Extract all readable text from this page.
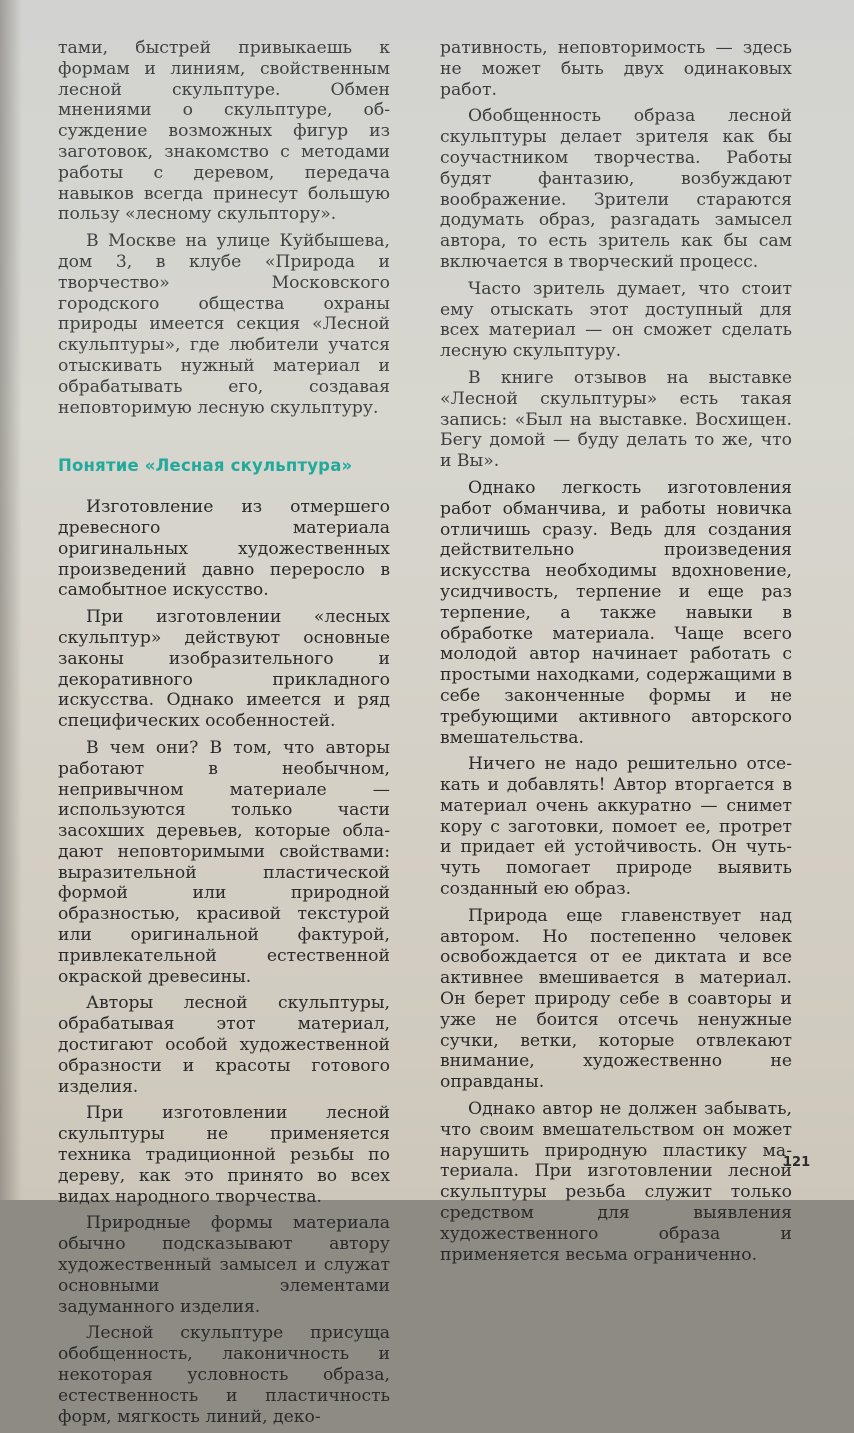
тами, быстрей привыкаешь к формам и линиям, свойственным лесной скульптуре. Обмен мнениями о скульптуре, обсуждение возможных фигур из заготовок, знакомство с методами работы с деревом, передача навыков всегда принесут большую пользу «лесному скульптору».

В Москве на улице Куйбышева, дом 3, в клубе «Природа и творчество» Московского городского общества охраны природы имеется секция «Лесной скульптуры», где любители учатся отыскивать нужный материал и обрабатывать его, создавая неповторимую лесную скульптуру.

Понятие «Лесная скульптура»

Изготовление из отмершего древесного материала оригинальных художественных произведений давно переросло в самобытное искусство.

При изготовлении «лесных скульптур» действуют основные законы изобразительного и декоративного прикладного искусства. Однако имеется и ряд специфических особенностей.

В чем они? В том, что авторы работают в необычном, непривычном материале — используются только части засохших деревьев, которые обладают неповторимыми свойствами: выразительной пластической формой или природной образностью, красивой текстурой или оригинальной фактурой, привлекательной естественной окраской древесины.

Авторы лесной скульптуры, обрабатывая этот материал, достигают особой художественной образности и красоты готового изделия.

При изготовлении лесной скульптуры не применяется техника традиционной резьбы по дереву, как это принято во всех видах народного творчества.

Природные формы материала обычно подсказывают автору художественный замысел и служат основными элементами задуманного изделия.

Лесной скульптуре присуща обобщенность, лаконичность и некоторая условность образа, естественность и пластичность форм, мягкость линий, деко-

ративность, неповторимость — здесь не может быть двух одинаковых работ.

Обобщенность образа лесной скульптуры делает зрителя как бы соучастником творчества. Работы будят фантазию, возбуждают воображение. Зрители стараются додумать образ, разгадать замысел автора, то есть зритель как бы сам включается в творческий процесс.

Часто зритель думает, что стоит ему отыскать этот доступный для всех материал — он сможет сделать лесную скульптуру.

В книге отзывов на выставке «Лесной скульптуры» есть такая запись: «Был на выставке. Восхищен. Бегу домой — буду делать то же, что и Вы».

Однако легкость изготовления работ обманчива, и работы новичка отличишь сразу. Ведь для создания действительно произведения искусства необходимы вдохновение, усидчивость, терпение и еще раз терпение, а также навыки в обработке материала. Чаще всего молодой автор начинает работать с простыми находками, содержащими в себе законченные формы и не требующими активного авторского вмешательства.

Ничего не надо решительно отсекать и добавлять! Автор вторгается в материал очень аккуратно — снимет кору с заготовки, помоет ее, протрет и придает ей устойчивость. Он чуть-чуть помогает природе выявить созданный ею образ.

Природа еще главенствует над автором. Но постепенно человек освобождается от ее диктата и все активнее вмешивается в материал. Он берет природу себе в соавторы и уже не боится отсечь ненужные сучки, ветки, которые отвлекают внимание, художественно не оправданы.

Однако автор не должен забывать, что своим вмешательством он может нарушить природную пластику материала. При изготовлении лесной скульптуры резьба служит только средством для выявления художественного образа и применяется весьма ограниченно.

121
